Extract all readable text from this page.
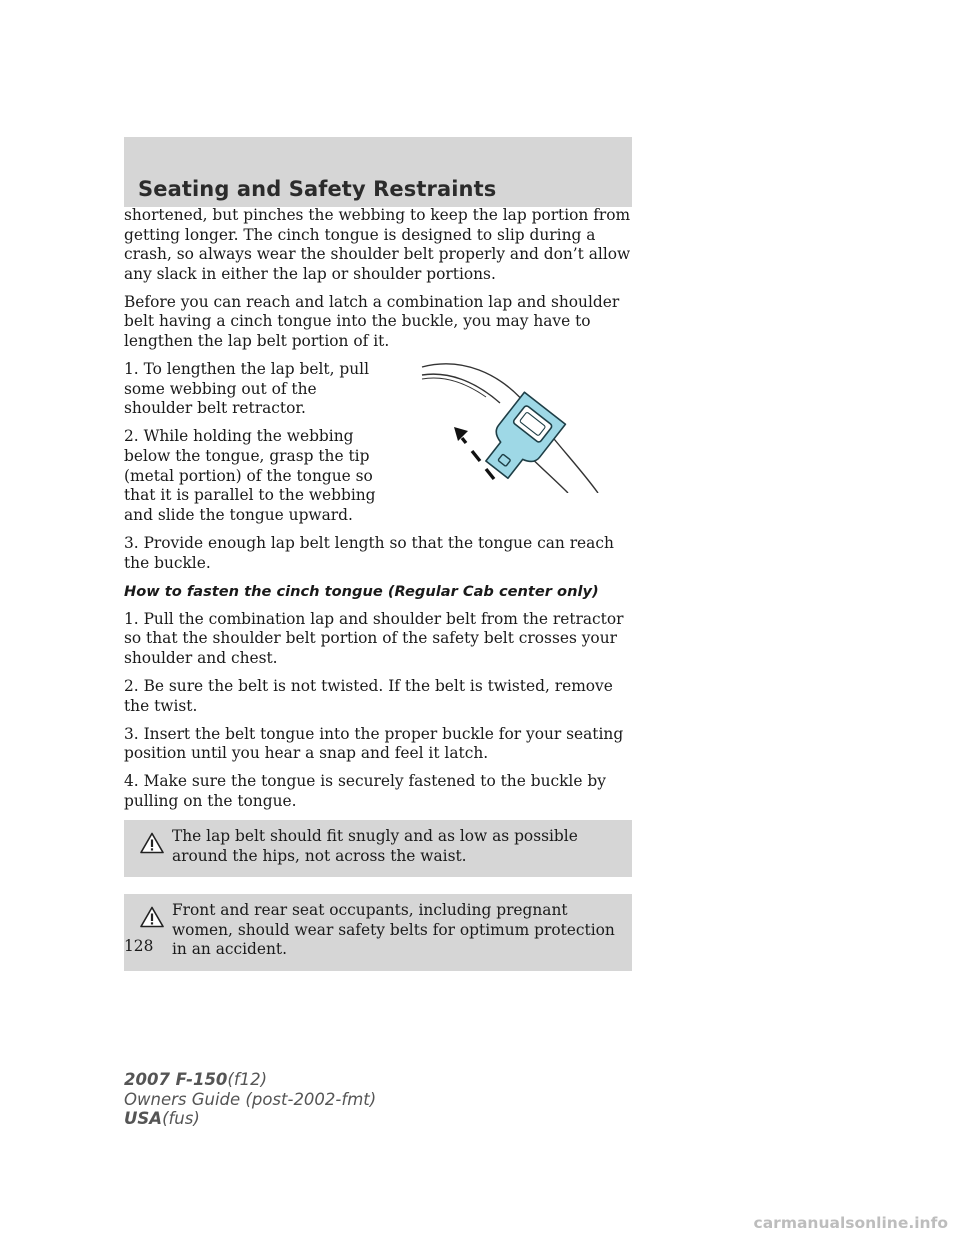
Seating and Safety Restraints

shortened, but pinches the webbing to keep the lap portion from getting longer. The cinch tongue is designed to slip during a crash, so always wear the shoulder belt properly and don’t allow any slack in either the lap or shoulder portions.

Before you can reach and latch a combination lap and shoulder belt having a cinch tongue into the buckle, you may have to lengthen the lap belt portion of it.

1. To lengthen the lap belt, pull some webbing out of the shoulder belt retractor.

2. While holding the webbing below the tongue, grasp the tip (metal portion) of the tongue so that it is parallel to the webbing and slide the tongue upward.

3. Provide enough lap belt length so that the tongue can reach the buckle.

How to fasten the cinch tongue (Regular Cab center only)

1. Pull the combination lap and shoulder belt from the retractor so that the shoulder belt portion of the safety belt crosses your shoulder and chest.

2. Be sure the belt is not twisted. If the belt is twisted, remove the twist.

3. Insert the belt tongue into the proper buckle for your seating position until you hear a snap and feel it latch.

4. Make sure the tongue is securely fastened to the buckle by pulling on the tongue.

The lap belt should fit snugly and as low as possible around the hips, not across the waist.
Front and rear seat occupants, including pregnant women, should wear safety belts for optimum protection in an accident.

128

2007 F-150(f12)
Owners Guide (post-2002-fmt)
USA(fus)

carmanualsonline.info
